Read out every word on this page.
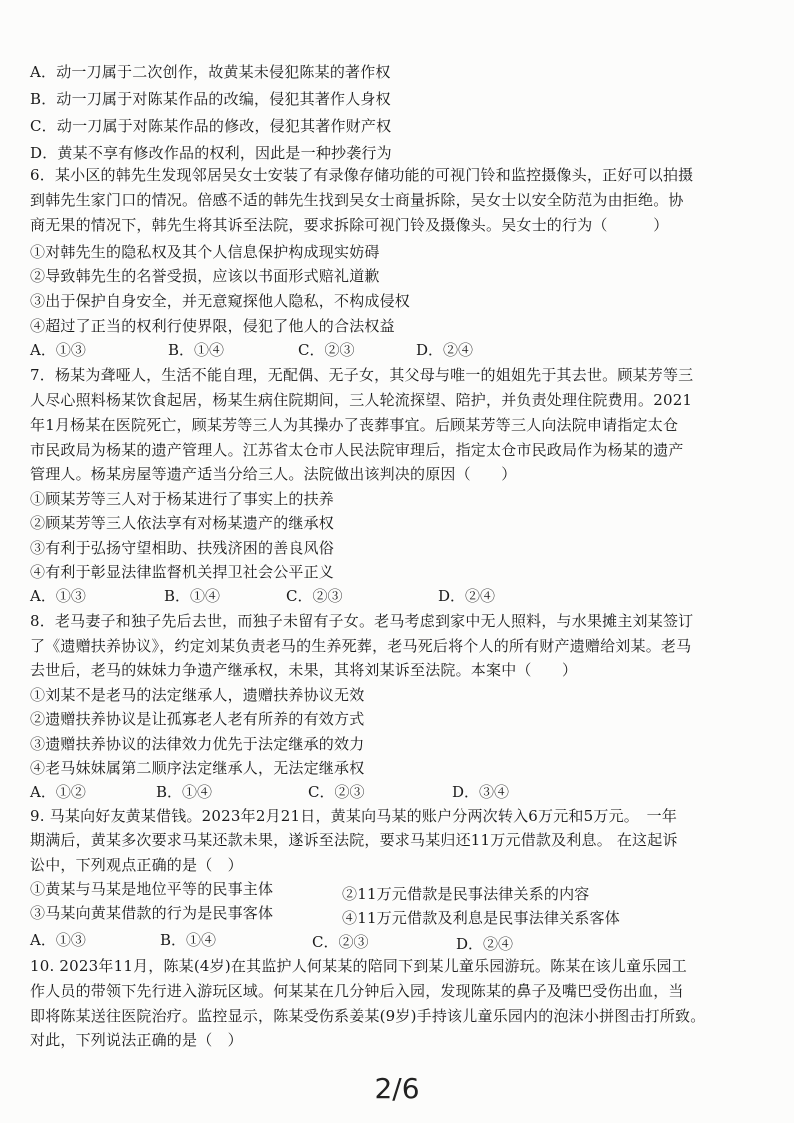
A．动一刀属于二次创作，故黄某未侵犯陈某的著作权
B．动一刀属于对陈某作品的改编，侵犯其著作人身权
C．动一刀属于对陈某作品的修改，侵犯其著作财产权
D．黄某不享有修改作品的权利，因此是一种抄袭行为
6．某小区的韩先生发现邻居吴女士安装了有录像存储功能的可视门铃和监控摄像头，正好可以拍摄
到韩先生家门口的情况。倍感不适的韩先生找到吴女士商量拆除，吴女士以安全防范为由拒绝。协
商无果的情况下，韩先生将其诉至法院，要求拆除可视门铃及摄像头。吴女士的行为（　　　）
①对韩先生的隐私权及其个人信息保护构成现实妨碍
②导致韩先生的名誉受损，应该以书面形式赔礼道歉
③出于保护自身安全，并无意窥探他人隐私，不构成侵权
④超过了正当的权利行使界限，侵犯了他人的合法权益
A．①③	B．①④	C．②③	D．②④
7．杨某为聋哑人，生活不能自理，无配偶、无子女，其父母与唯一的姐姐先于其去世。顾某芳等三
人尽心照料杨某饮食起居，杨某生病住院期间，三人轮流探望、陪护，并负责处理住院费用。2021
年1月杨某在医院死亡，顾某芳等三人为其操办了丧葬事宜。后顾某芳等三人向法院申请指定太仓
市民政局为杨某的遗产管理人。江苏省太仓市人民法院审理后，指定太仓市民政局作为杨某的遗产
管理人。杨某房屋等遗产适当分给三人。法院做出该判决的原因（　　）
①顾某芳等三人对于杨某进行了事实上的扶养
②顾某芳等三人依法享有对杨某遗产的继承权
③有利于弘扬守望相助、扶残济困的善良风俗
④有利于彰显法律监督机关捍卫社会公平正义
A．①③	B．①④	C．②③	D．②④
8．老马妻子和独子先后去世，而独子未留有子女。老马考虑到家中无人照料，与水果摊主刘某签订
了《遗赠扶养协议》，约定刘某负责老马的生养死葬，老马死后将个人的所有财产遗赠给刘某。老马
去世后，老马的妹妹力争遗产继承权，未果，其将刘某诉至法院。本案中（　　）
①刘某不是老马的法定继承人，遗赠扶养协议无效
②遗赠扶养协议是让孤寡老人老有所养的有效方式
③遗赠扶养协议的法律效力优先于法定继承的效力
④老马妹妹属第二顺序法定继承人，无法定继承权
A．①②	B．①④	C．②③	D．③④
9. 马某向好友黄某借钱。2023年2月21日，黄某向马某的账户分两次转入6万元和5万元。　一年
期满后，黄某多次要求马某还款未果，遂诉至法院，要求马某归还11万元借款及利息。 在这起诉
讼中，下列观点正确的是（　）
①黄某与马某是地位平等的民事主体	②11万元借款是民事法律关系的内容
③马某向黄某借款的行为是民事客体	④11万元借款及利息是民事法律关系客体
A．①③	B．①④	C．②③	D．②④
10. 2023年11月，陈某(4岁)在其监护人何某某的陪同下到某儿童乐园游玩。陈某在该儿童乐园工
作人员的带领下先行进入游玩区域。何某某在几分钟后入园，发现陈某的鼻子及嘴巴受伤出血，当
即将陈某送往医院治疗。监控显示，陈某受伤系姜某(9岁)手持该儿童乐园内的泡沫小拼图击打所致。
对此，下列说法正确的是（　）
2/6
